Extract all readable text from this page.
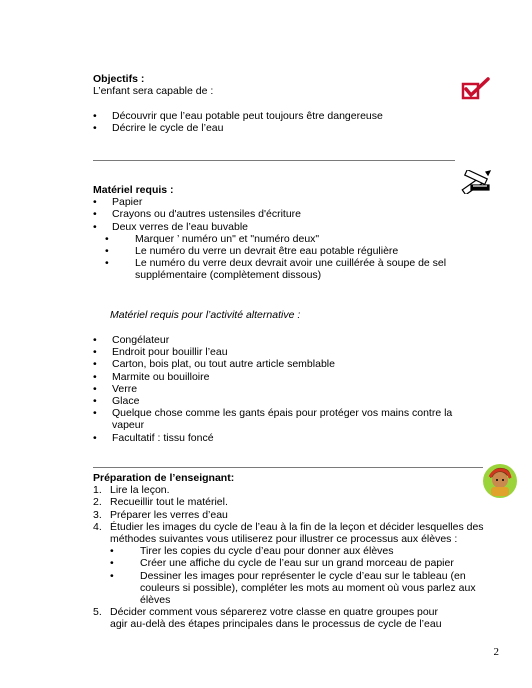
Objectifs :
L’enfant sera capable de :

• Découvrir que l’eau potable peut toujours être dangereuse
• Décrire le cycle de l’eau
Matériel requis :
• Papier
• Crayons ou d'autres ustensiles d'écriture
• Deux verres de l’eau buvable
• Marquer ’ numéro un" et "numéro deux"
• Le numéro du verre un devrait être eau potable régulière
• Le numéro du verre deux devrait avoir une cuillérée à soupe de sel
supplémentaire (complètement dissous)
Matériel requis pour l’activité alternative :
• Congélateur
• Endroit pour bouillir l’eau
• Carton, bois plat, ou tout autre article semblable
• Marmite ou bouilloire
• Verre
• Glace
• Quelque chose comme les gants épais pour protéger vos mains contre la
vapeur
• Facultatif : tissu foncé
Préparation de l’enseignant:
1. Lire la leçon.
2. Recueillir tout le matériel.
3. Préparer les verres d’eau
4. Étudier les images du cycle de l’eau à la fin de la leçon et décider lesquelles des
méthodes suivantes vous utiliserez pour illustrer ce processus aux élèves :
• Tirer les copies du cycle d’eau pour donner aux élèves
• Créer une affiche du cycle de l’eau sur un grand morceau de papier
• Dessiner les images pour représenter le cycle d’eau sur le tableau (en
couleurs si possible), compléter les mots au moment où vous parlez aux
élèves
5. Décider comment vous séparerez votre classe en quatre groupes pour
agir au-delà des étapes principales dans le processus de cycle de l’eau
2
